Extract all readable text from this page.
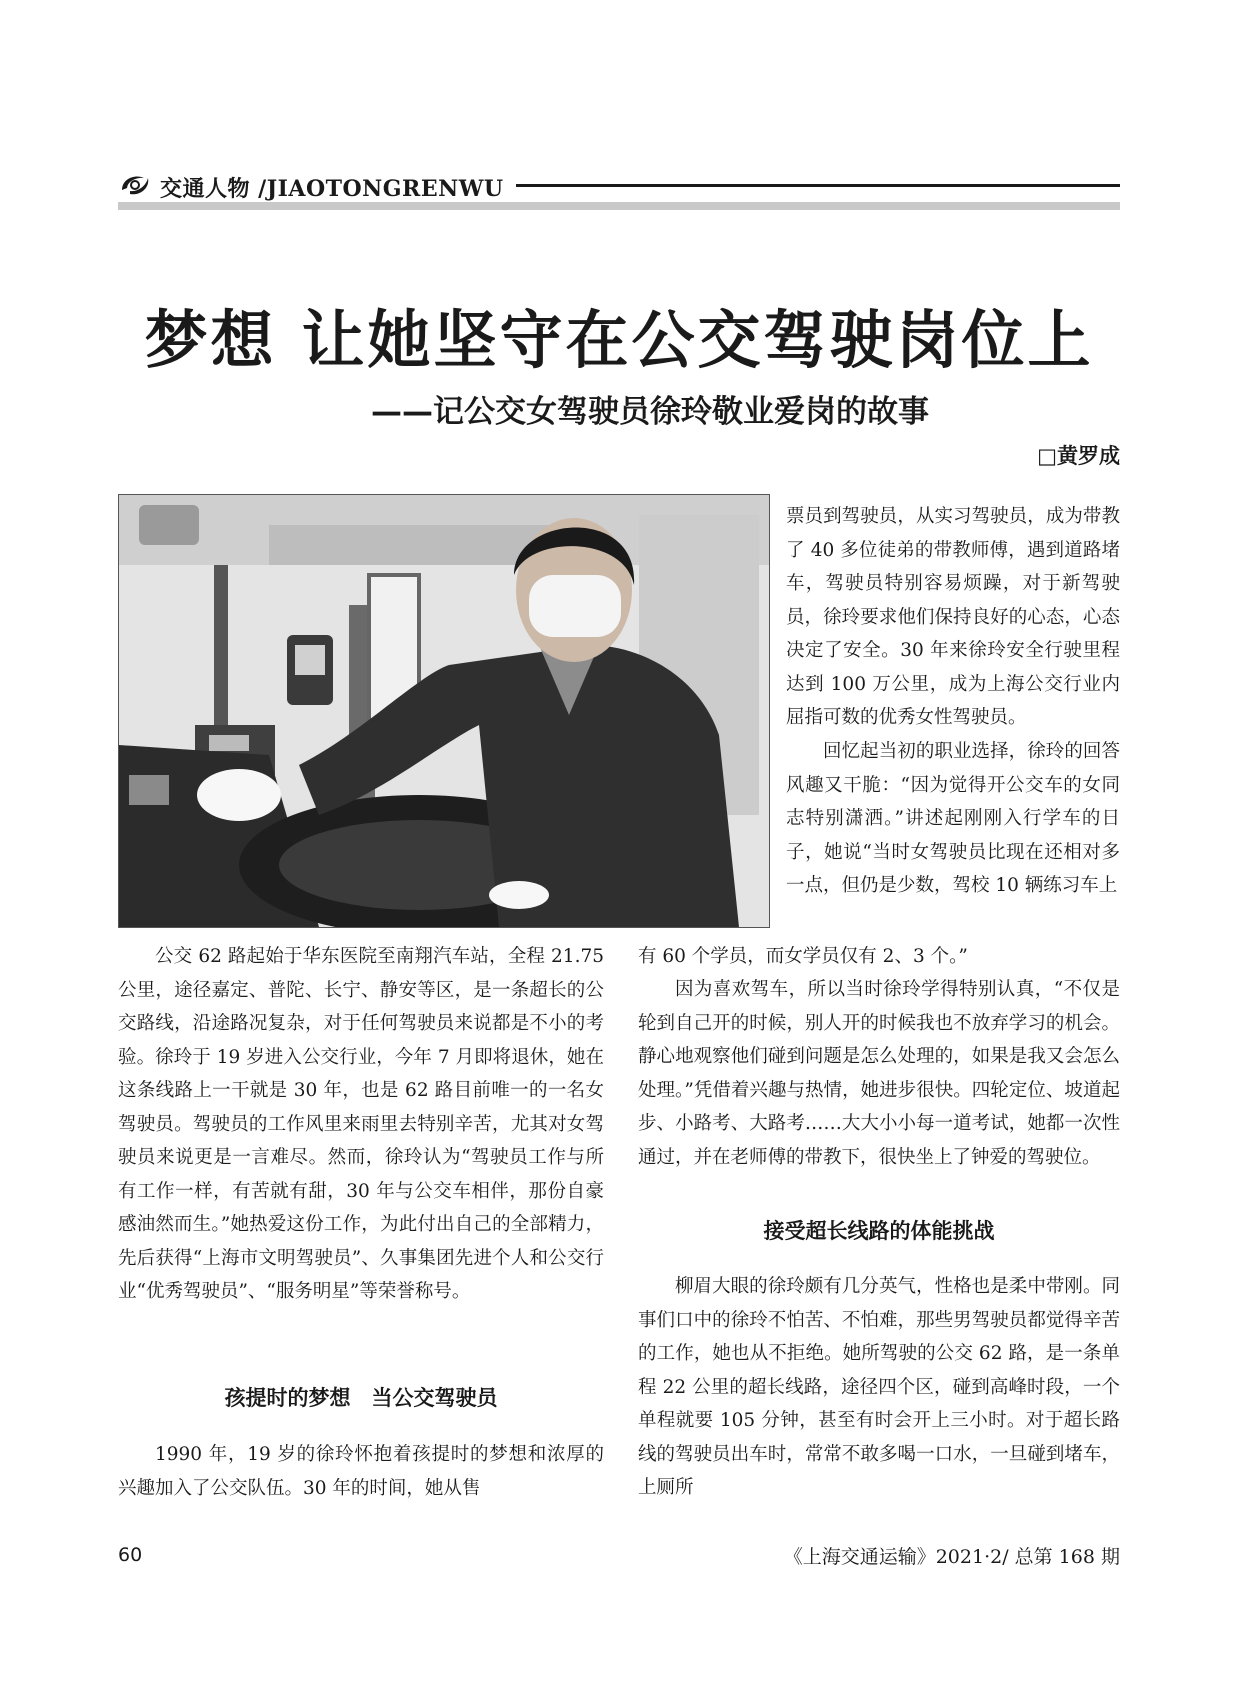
交通人物 /JIAOTONGRENWU
梦想 让她坚守在公交驾驶岗位上
——记公交女驾驶员徐玲敬业爱岗的故事
□黄罗成

票员到驾驶员，从实习驾驶员，成为带教了 40 多位徒弟的带教师傅，遇到道路堵车，驾驶员特别容易烦躁，对于新驾驶员，徐玲要求他们保持良好的心态，心态决定了安全。30 年来徐玲安全行驶里程达到 100 万公里，成为上海公交行业内屈指可数的优秀女性驾驶员。

回忆起当初的职业选择，徐玲的回答风趣又干脆：“因为觉得开公交车的女同志特别潇洒。”讲述起刚刚入行学车的日子，她说“当时女驾驶员比现在还相对多一点，但仍是少数，驾校 10 辆练习车上

有 60 个学员，而女学员仅有 2、3 个。”

因为喜欢驾车，所以当时徐玲学得特别认真，“不仅是轮到自己开的时候，别人开的时候我也不放弃学习的机会。静心地观察他们碰到问题是怎么处理的，如果是我又会怎么处理。”凭借着兴趣与热情，她进步很快。四轮定位、坡道起步、小路考、大路考……大大小小每一道考试，她都一次性通过，并在老师傅的带教下，很快坐上了钟爱的驾驶位。

接受超长线路的体能挑战

柳眉大眼的徐玲颇有几分英气，性格也是柔中带刚。同事们口中的徐玲不怕苦、不怕难，那些男驾驶员都觉得辛苦的工作，她也从不拒绝。她所驾驶的公交 62 路，是一条单程 22 公里的超长线路，途径四个区，碰到高峰时段，一个单程就要 105 分钟，甚至有时会开上三小时。对于超长路线的驾驶员出车时，常常不敢多喝一口水，一旦碰到堵车，上厕所

公交 62 路起始于华东医院至南翔汽车站，全程 21.75 公里，途径嘉定、普陀、长宁、静安等区，是一条超长的公交路线，沿途路况复杂，对于任何驾驶员来说都是不小的考验。徐玲于 19 岁进入公交行业，今年 7 月即将退休，她在这条线路上一干就是 30 年，也是 62 路目前唯一的一名女驾驶员。驾驶员的工作风里来雨里去特别辛苦，尤其对女驾驶员来说更是一言难尽。然而，徐玲认为“驾驶员工作与所有工作一样，有苦就有甜，30 年与公交车相伴，那份自豪感油然而生。”她热爱这份工作，为此付出自己的全部精力，先后获得“上海市文明驾驶员”、久事集团先进个人和公交行业“优秀驾驶员”、“服务明星”等荣誉称号。

孩提时的梦想　当公交驾驶员

1990 年，19 岁的徐玲怀抱着孩提时的梦想和浓厚的兴趣加入了公交队伍。30 年的时间，她从售

60	《上海交通运输》2021·2/ 总第 168 期
